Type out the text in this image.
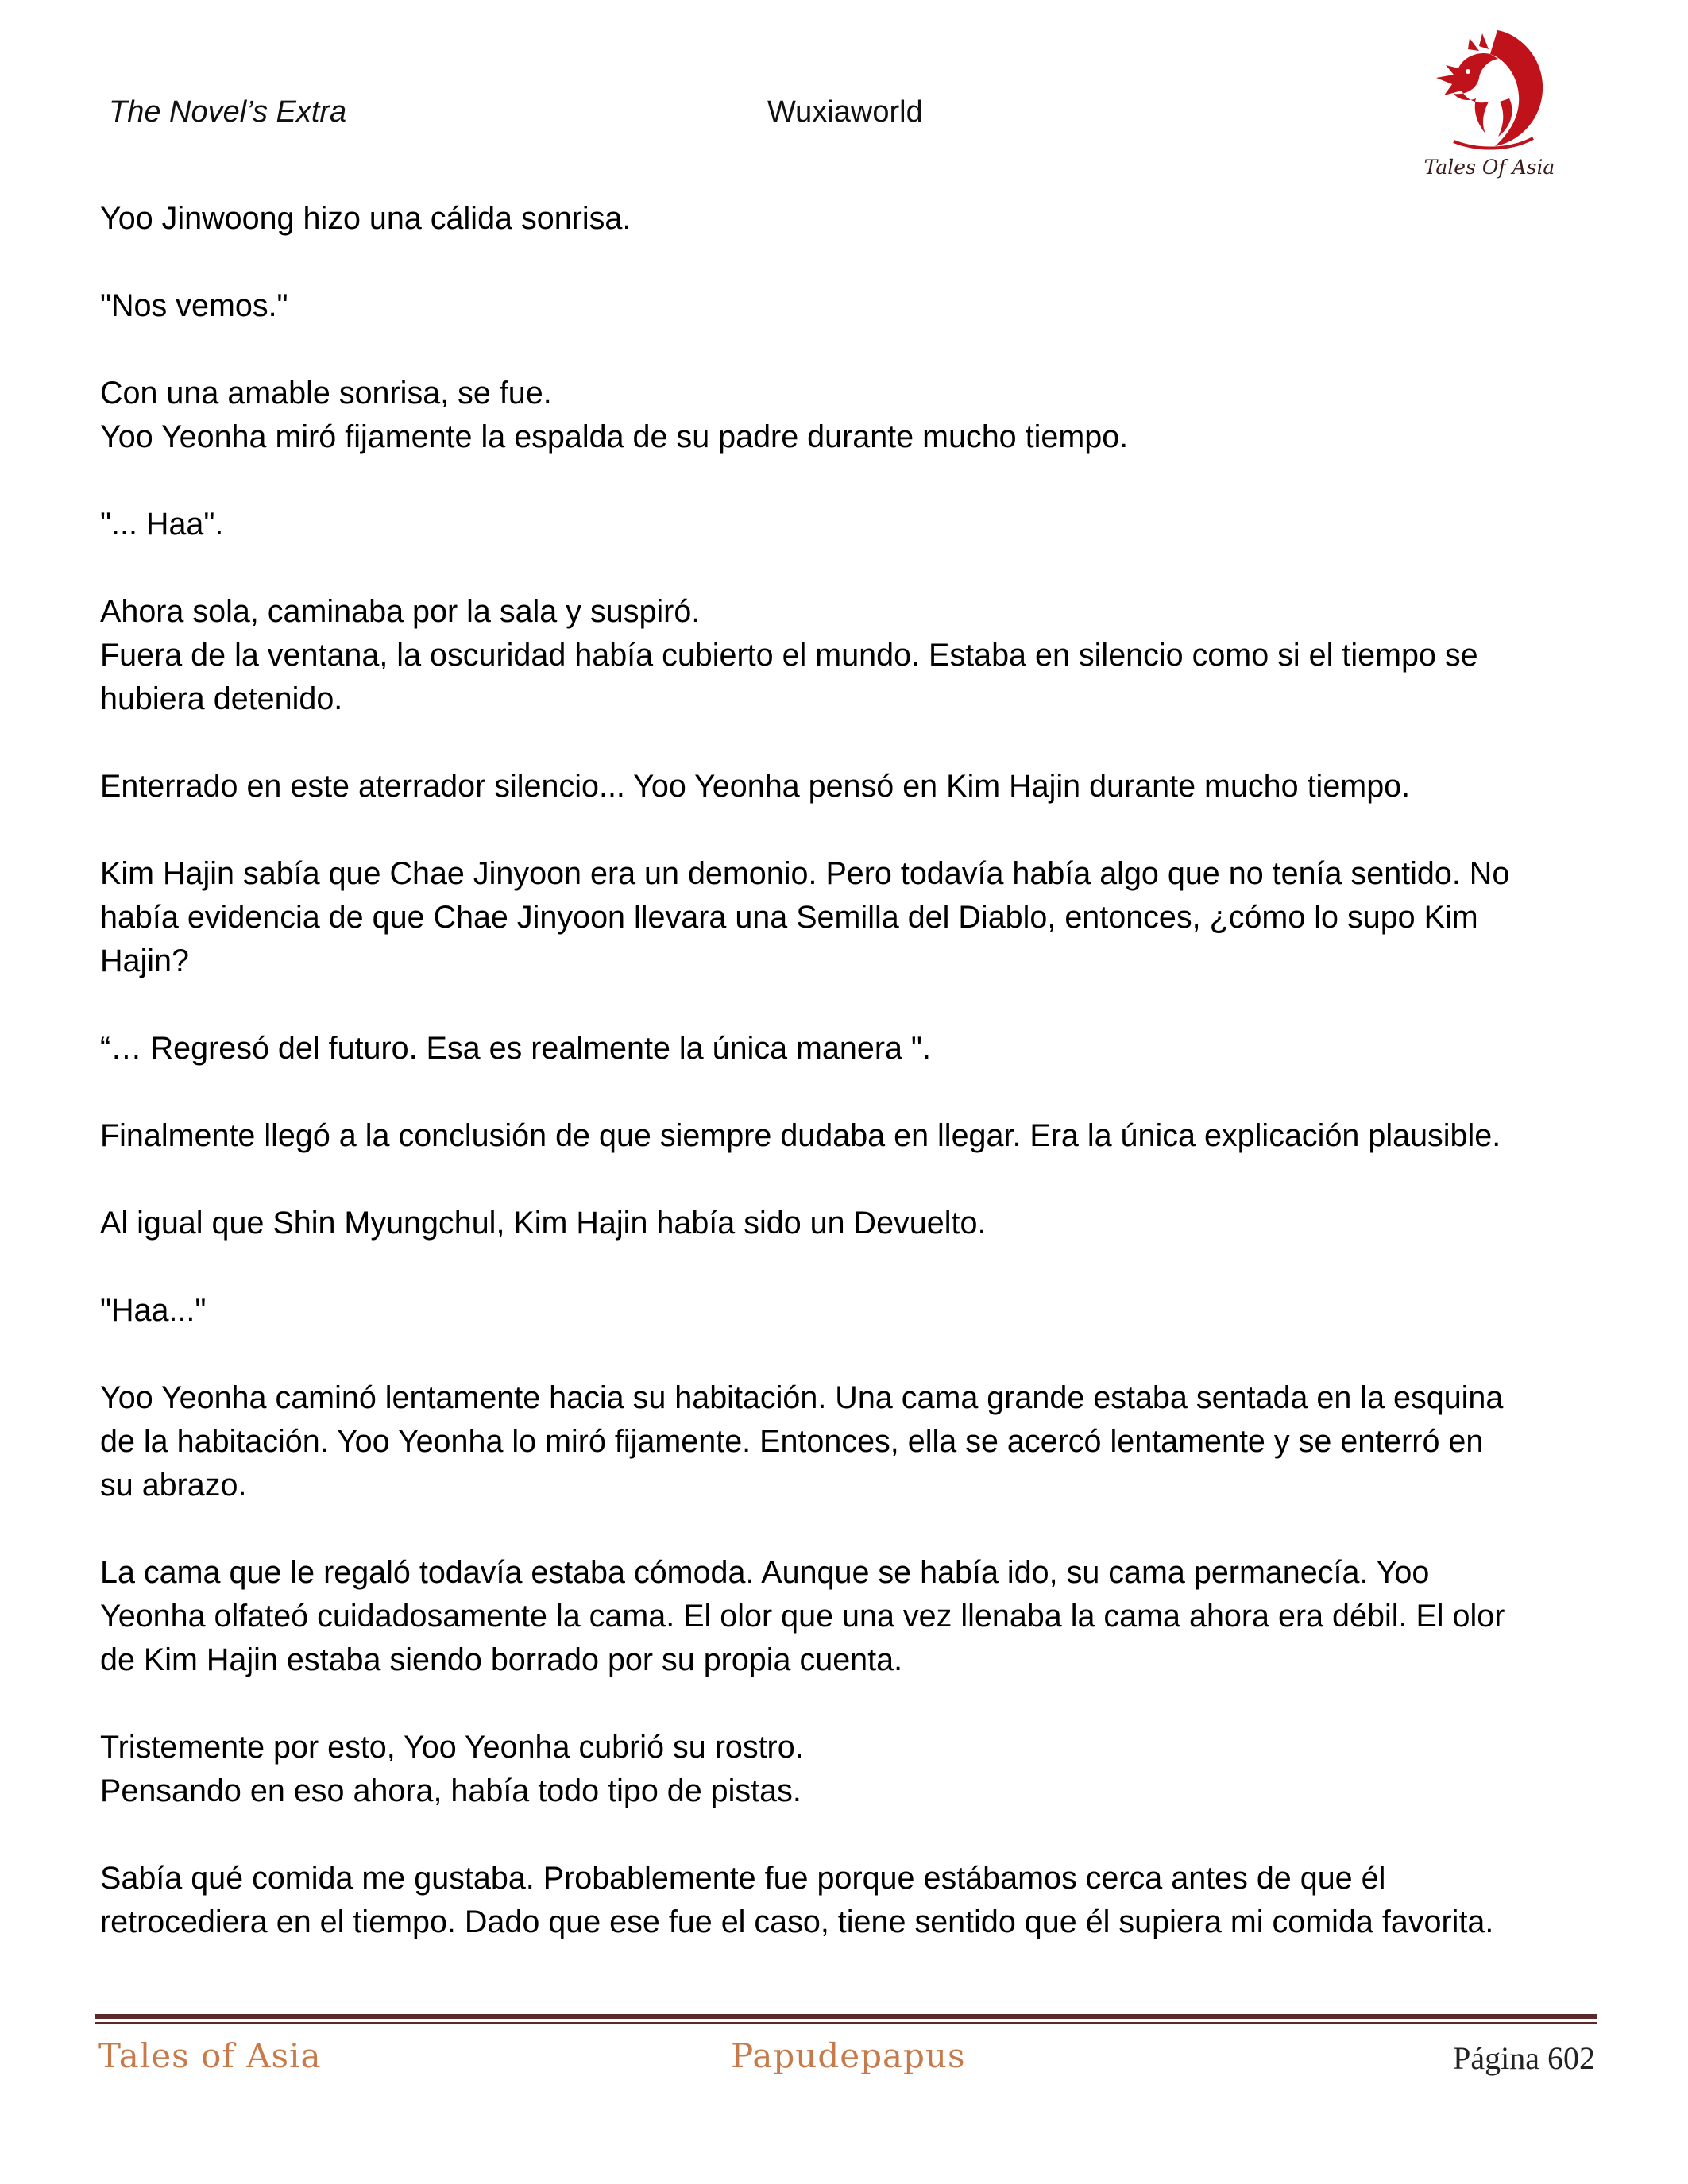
The Novel’s Extra	Wuxiaworld
Tales Of Asia

Yoo Jinwoong hizo una cálida sonrisa.

"Nos vemos."

Con una amable sonrisa, se fue.
Yoo Yeonha miró fijamente la espalda de su padre durante mucho tiempo.

"... Haa".

Ahora sola, caminaba por la sala y suspiró.
Fuera de la ventana, la oscuridad había cubierto el mundo. Estaba en silencio como si el tiempo se
hubiera detenido.

Enterrado en este aterrador silencio... Yoo Yeonha pensó en Kim Hajin durante mucho tiempo.

Kim Hajin sabía que Chae Jinyoon era un demonio. Pero todavía había algo que no tenía sentido. No
había evidencia de que Chae Jinyoon llevara una Semilla del Diablo, entonces, ¿cómo lo supo Kim
Hajin?

“… Regresó del futuro. Esa es realmente la única manera ".

Finalmente llegó a la conclusión de que siempre dudaba en llegar. Era la única explicación plausible.

Al igual que Shin Myungchul, Kim Hajin había sido un Devuelto.

"Haa..."

Yoo Yeonha caminó lentamente hacia su habitación. Una cama grande estaba sentada en la esquina
de la habitación. Yoo Yeonha lo miró fijamente. Entonces, ella se acercó lentamente y se enterró en
su abrazo.

La cama que le regaló todavía estaba cómoda. Aunque se había ido, su cama permanecía. Yoo
Yeonha olfateó cuidadosamente la cama. El olor que una vez llenaba la cama ahora era débil. El olor
de Kim Hajin estaba siendo borrado por su propia cuenta.

Tristemente por esto, Yoo Yeonha cubrió su rostro.
Pensando en eso ahora, había todo tipo de pistas.

Sabía qué comida me gustaba. Probablemente fue porque estábamos cerca antes de que él
retrocediera en el tiempo. Dado que ese fue el caso, tiene sentido que él supiera mi comida favorita.

Tales of Asia	Papudepapus	Página 602
